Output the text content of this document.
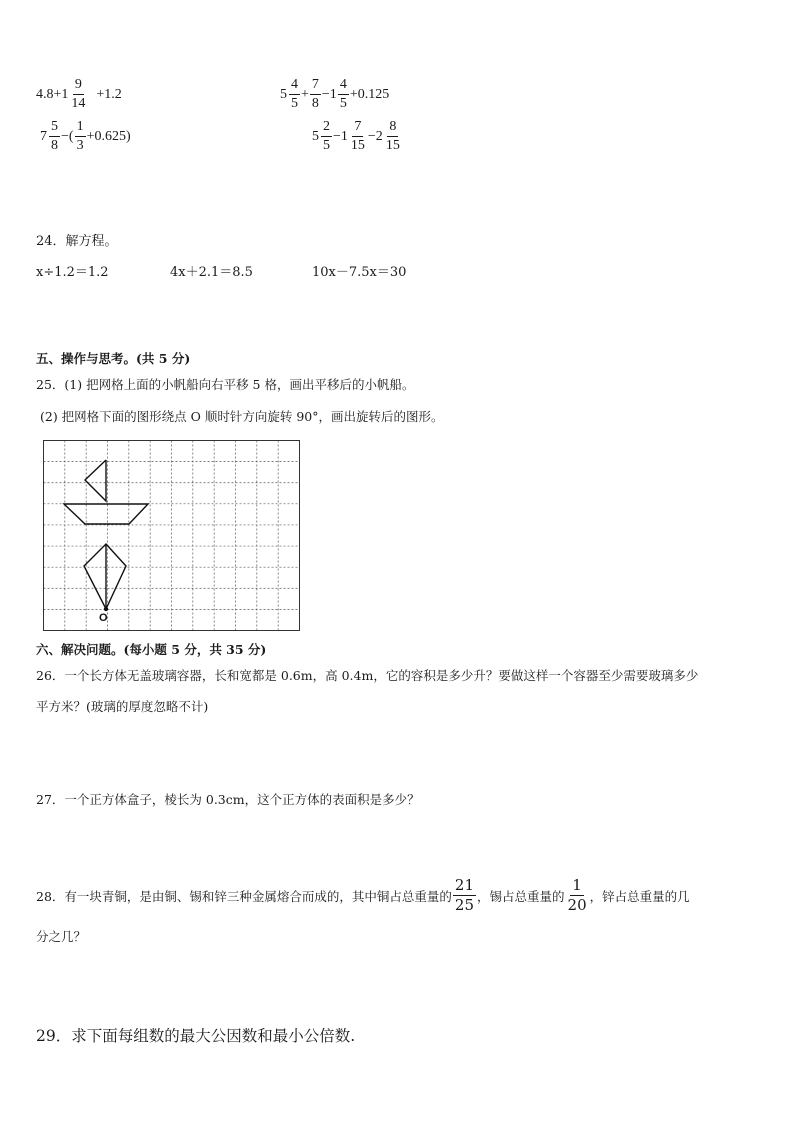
$4.8+1 \frac{9}{14} +1.2$	$5 \frac{4}{5} + \frac{7}{8} -1 \frac{4}{5} +0.125$
$7 \frac{5}{8}$ −( $\frac{1}{3} +0.625$)	$5 \frac{2}{5} -1 \frac{7}{15} -2 \frac{8}{15}$
24．解方程。
x÷1.2＝1.2	4x＋2.1＝8.5	10x－7.5x＝30
五、操作与思考。(共 5 分)
25．(1) 把网格上面的小帆船向右平移 5 格，画出平移后的小帆船。
(2) 把网格下面的图形绕点 O 顺时针方向旋转 90°，画出旋转后的图形。
O
六、解决问题。(每小题 5 分，共 35 分)
26．一个长方体无盖玻璃容器，长和宽都是 0.6m，高 0.4m，它的容积是多少升？要做这样一个容器至少需要玻璃多少
平方米？(玻璃的厚度忽略不计)
27．一个正方体盒子，棱长为 0.3cm，这个正方体的表面积是多少？
28．有一块青铜，是由铜、锡和锌三种金属熔合而成的，其中铜占总重量的 $\frac{21}{25}$ ，锡占总重量的 $\frac{1}{20}$ ，锌占总重量的几
分之几？
29．求下面每组数的最大公因数和最小公倍数.
